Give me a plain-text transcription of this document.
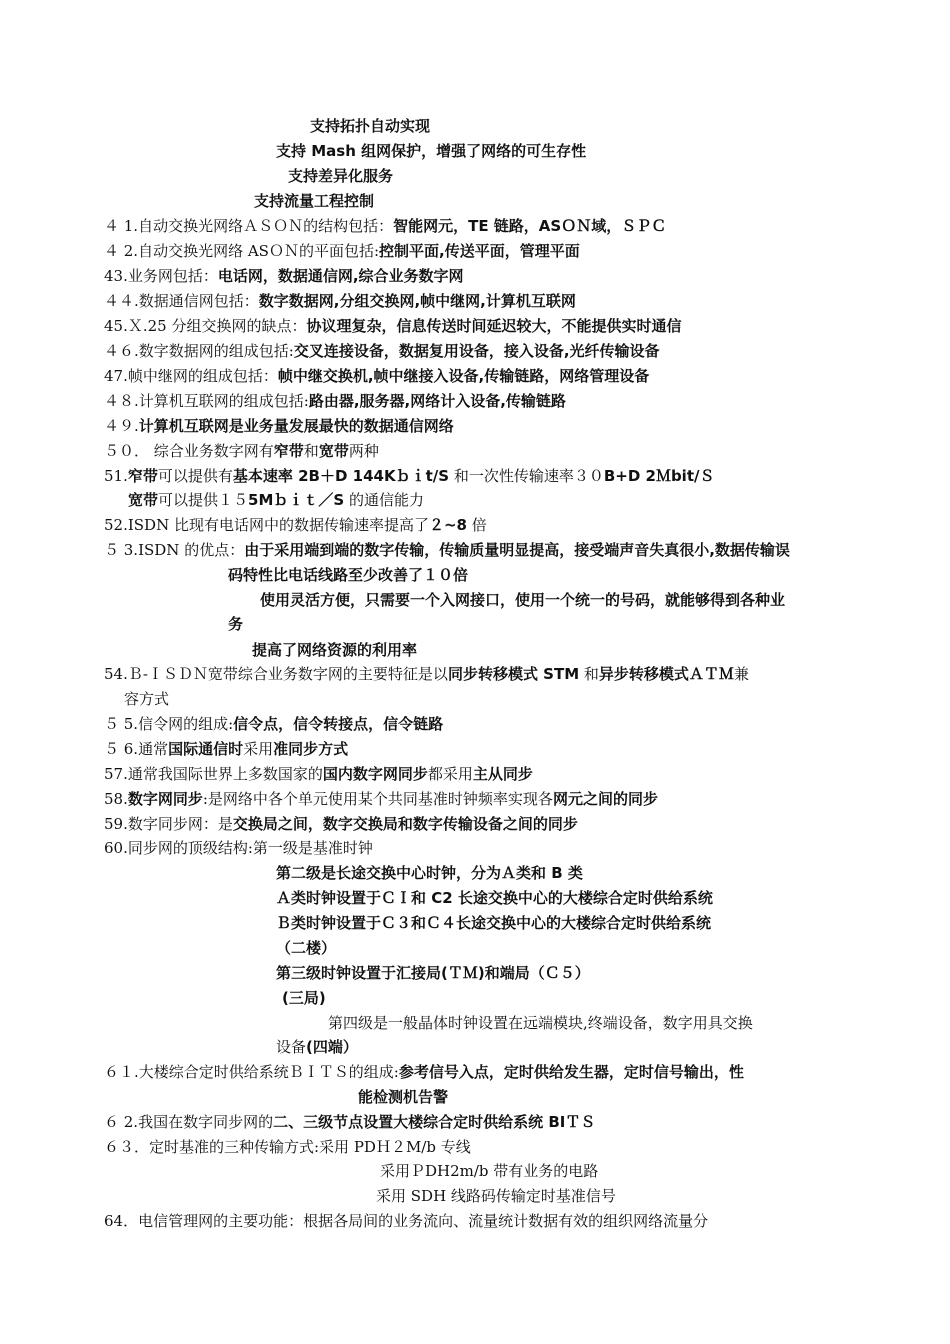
支持拓扑自动实现
支持 Mash 组网保护，增强了网络的可生存性
支持差异化服务
支持流量工程控制
４ 1.自动交换光网络ＡＳＯＮ的结构包括：智能网元，TE 链路，ASＯＮ域，ＳＰＣ
４ 2.自动交换光网络 ASＯＮ的平面包括:控制平面,传送平面，管理平面
43.业务网包括：电话网，数据通信网,综合业务数字网
４４.数据通信网包括：数字数据网,分组交换网,帧中继网,计算机互联网
45.Ｘ.25 分组交换网的缺点：协议理复杂，信息传送时间延迟较大，不能提供实时通信
４６.数字数据网的组成包括:交叉连接设备，数据复用设备，接入设备,光纤传输设备
47.帧中继网的组成包括：帧中继交换机,帧中继接入设备,传输链路，网络管理设备
４８.计算机互联网的组成包括:路由器,服务器,网络计入设备,传输链路
４９.计算机互联网是业务量发展最快的数据通信网络
５０． 综合业务数字网有窄带和宽带两种
51.窄带可以提供有基本速率 2B＋D 144Kｂｉt/S 和一次性传输速率３０B+D 2Ｍbit/Ｓ
宽带可以提供１５5Mｂｉｔ／S 的通信能力
52.ISDN 比现有电话网中的数据传输速率提高了２~8 倍
５ 3.ISDN 的优点：由于采用端到端的数字传输，传输质量明显提高，接受端声音失真很小,数据传输误
码特性比电话线路至少改善了１０倍
使用灵活方便，只需要一个入网接口，使用一个统一的号码，就能够得到各种业
务
提高了网络资源的利用率
54.Ｂ-ＩＳＤＮ宽带综合业务数字网的主要特征是以同步转移模式 STM 和异步转移模式ＡＴＭ兼
容方式
５ 5.信令网的组成:信令点，信令转接点，信令链路
５ 6.通常国际通信时采用准同步方式
57.通常我国际世界上多数国家的国内数字网同步都采用主从同步
58.数字网同步:是网络中各个单元使用某个共同基准时钟频率实现各网元之间的同步
59.数字同步网：是交换局之间，数字交换局和数字传输设备之间的同步
60.同步网的顶级结构:第一级是基准时钟
第二级是长途交换中心时钟，分为Ａ类和 B 类
Ａ类时钟设置于ＣＩ和 C2 长途交换中心的大楼综合定时供给系统
Ｂ类时钟设置于Ｃ３和Ｃ４长途交换中心的大楼综合定时供给系统
（二楼）
第三级时钟设置于汇接局(ＴＭ)和端局（Ｃ５）
(三局)
第四级是一般晶体时钟设置在远端模块,终端设备，数字用具交换
设备(四端）
６１.大楼综合定时供给系统ＢＩＴＳ的组成:参考信号入点，定时供给发生器，定时信号输出，性
能检测机告警
６ 2.我国在数字同步网的二、三级节点设置大楼综合定时供给系统 BIＴＳ
６３．定时基准的三种传输方式:采用 PDＨ２M/b 专线
采用ＰDH2m/b 带有业务的电路
采用 SDH 线路码传输定时基准信号
64．电信管理网的主要功能：根据各局间的业务流向、流量统计数据有效的组织网络流量分
